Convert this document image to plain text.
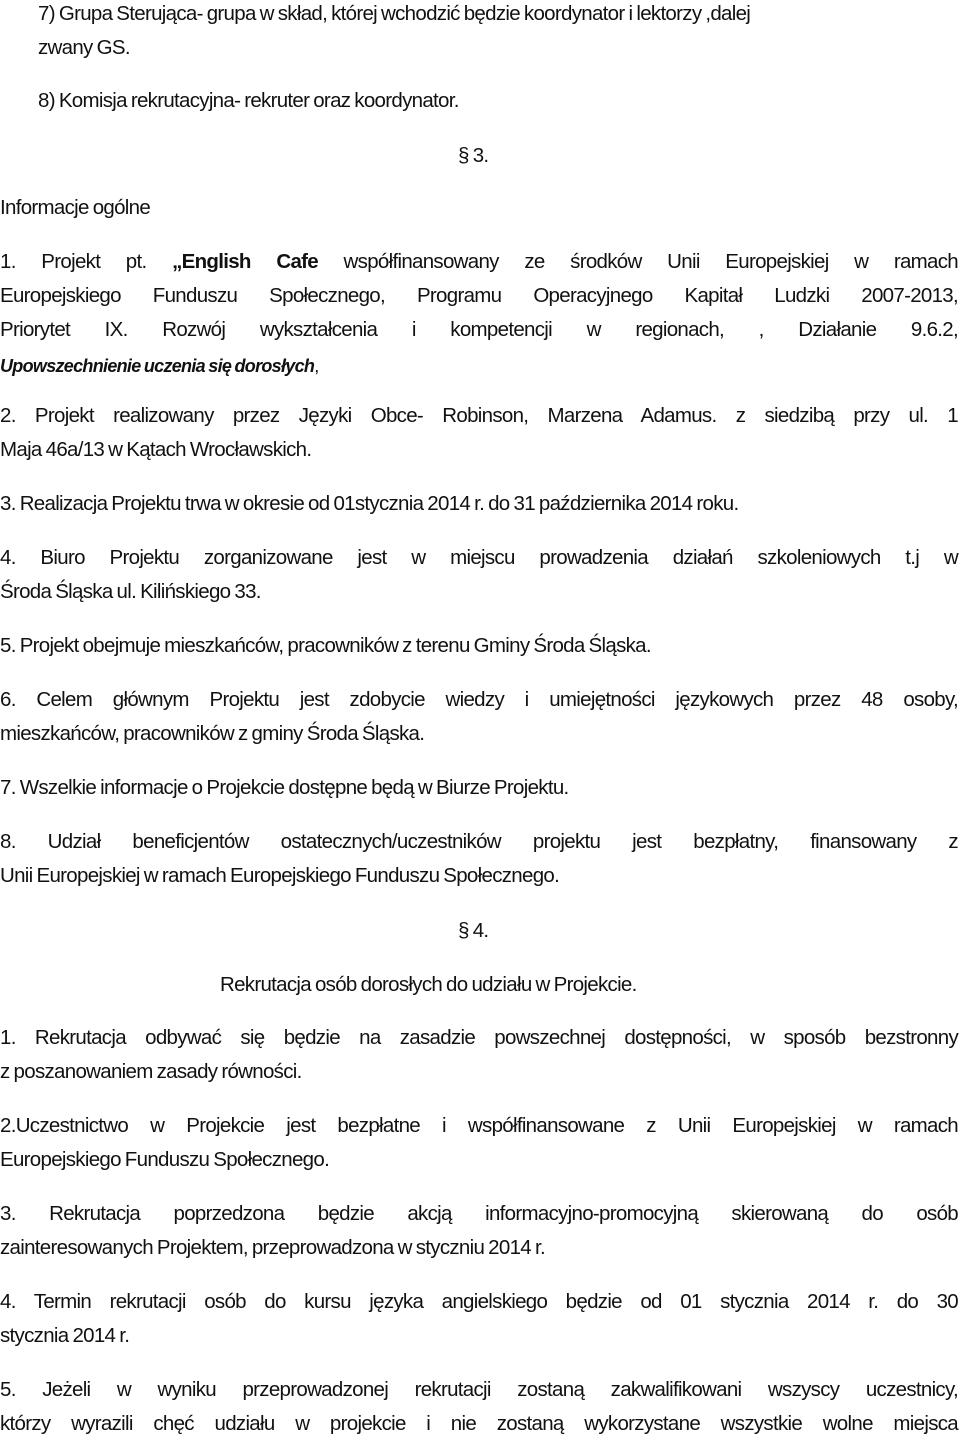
7) Grupa Sterująca- grupa w skład, której wchodzić będzie koordynator i lektorzy ,dalej
zwany GS.
8) Komisja rekrutacyjna- rekruter oraz koordynator.
§ 3.
Informacje ogólne
1. Projekt pt. „English Cafe współfinansowany ze środków Unii Europejskiej w ramach
Europejskiego Funduszu Społecznego, Programu Operacyjnego Kapitał Ludzki 2007-2013,
Priorytet IX. Rozwój wykształcenia i kompetencji w regionach, , Działanie 9.6.2,
Upowszechnienie uczenia się dorosłych,
2. Projekt realizowany przez Języki Obce- Robinson, Marzena Adamus. z siedzibą przy ul. 1
Maja 46a/13 w Kątach Wrocławskich.
3. Realizacja Projektu trwa w okresie od 01stycznia 2014 r. do 31 października 2014 roku.
4. Biuro Projektu zorganizowane jest w miejscu prowadzenia działań szkoleniowych t.j w
Środa Śląska ul. Kilińskiego 33.
5. Projekt obejmuje mieszkańców, pracowników z terenu Gminy Środa Śląska.
6. Celem głównym Projektu jest zdobycie wiedzy i umiejętności językowych przez 48 osoby,
mieszkańców, pracowników z gminy Środa Śląska.
7. Wszelkie informacje o Projekcie dostępne będą w Biurze Projektu.
8. Udział beneficjentów ostatecznych/uczestników projektu jest bezpłatny, finansowany z
Unii Europejskiej w ramach Europejskiego Funduszu Społecznego.
§ 4.
Rekrutacja osób dorosłych do udziału w Projekcie.
1. Rekrutacja odbywać się będzie na zasadzie powszechnej dostępności, w sposób bezstronny
z poszanowaniem zasady równości.
2.Uczestnictwo w Projekcie jest bezpłatne i współfinansowane z Unii Europejskiej w ramach
Europejskiego Funduszu Społecznego.
3. Rekrutacja poprzedzona będzie akcją informacyjno-promocyjną skierowaną do osób
zainteresowanych Projektem, przeprowadzona w styczniu 2014 r.
4. Termin rekrutacji osób do kursu języka angielskiego będzie od 01 stycznia 2014 r. do 30
stycznia 2014 r.
5. Jeżeli w wyniku przeprowadzonej rekrutacji zostaną zakwalifikowani wszyscy uczestnicy,
którzy wyrazili chęć udziału w projekcie i nie zostaną wykorzystane wszystkie wolne miejsca
